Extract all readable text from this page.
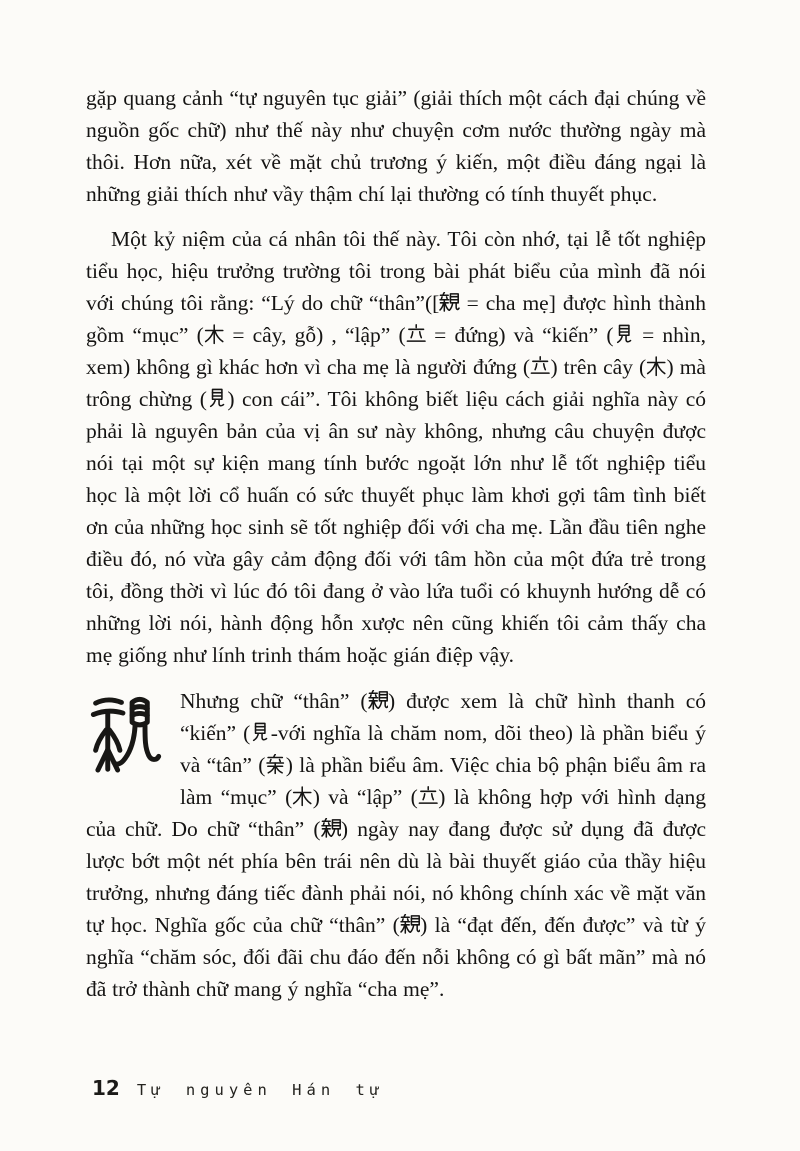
gặp quang cảnh “tự nguyên tục giải” (giải thích một cách đại chúng về nguồn gốc chữ) như thế này như chuyện cơm nước thường ngày mà thôi. Hơn nữa, xét về mặt chủ trương ý kiến, một điều đáng ngại là những giải thích như vầy thậm chí lại thường có tính thuyết phục.

Một kỷ niệm của cá nhân tôi thế này. Tôi còn nhớ, tại lễ tốt nghiệp tiểu học, hiệu trưởng trường tôi trong bài phát biểu của mình đã nói với chúng tôi rằng: “Lý do chữ “thân”([ = cha mẹ] được hình thành gồm “mục” ( = cây, gỗ) , “lập” ( = đứng) và “kiến” ( = nhìn, xem) không gì khác hơn vì cha mẹ là người đứng ( ) trên cây ( ) mà trông chừng ( ) con cái”. Tôi không biết liệu cách giải nghĩa này có phải là nguyên bản của vị ân sư này không, nhưng câu chuyện được nói tại một sự kiện mang tính bước ngoặt lớn như lễ tốt nghiệp tiểu học là một lời cổ huấn có sức thuyết phục làm khơi gợi tâm tình biết ơn của những học sinh sẽ tốt nghiệp đối với cha mẹ. Lần đầu tiên nghe điều đó, nó vừa gây cảm động đối với tâm hồn của một đứa trẻ trong tôi, đồng thời vì lúc đó tôi đang ở vào lứa tuổi có khuynh hướng dễ có những lời nói, hành động hỗn xược nên cũng khiến tôi cảm thấy cha mẹ giống như lính trinh thám hoặc gián điệp vậy.

Nhưng chữ “thân” ( ) được xem là chữ hình thanh có “kiến” ( -với nghĩa là chăm nom, dõi theo) là phần biểu ý và “tân” ( ) là phần biểu âm. Việc chia bộ phận biểu âm ra làm “mục” ( ) và “lập” ( ) là không hợp với hình dạng của chữ. Do chữ “thân” ( ) ngày nay đang được sử dụng đã được lược bớt một nét phía bên trái nên dù là bài thuyết giáo của thầy hiệu trưởng, nhưng đáng tiếc đành phải nói, nó không chính xác về mặt văn tự học. Nghĩa gốc của chữ “thân” ( ) là “đạt đến, đến được” và từ ý nghĩa “chăm sóc, đối đãi chu đáo đến nỗi không có gì bất mãn” mà nó đã trở thành chữ mang ý nghĩa “cha mẹ”.

12 Tự nguyên Hán tự
